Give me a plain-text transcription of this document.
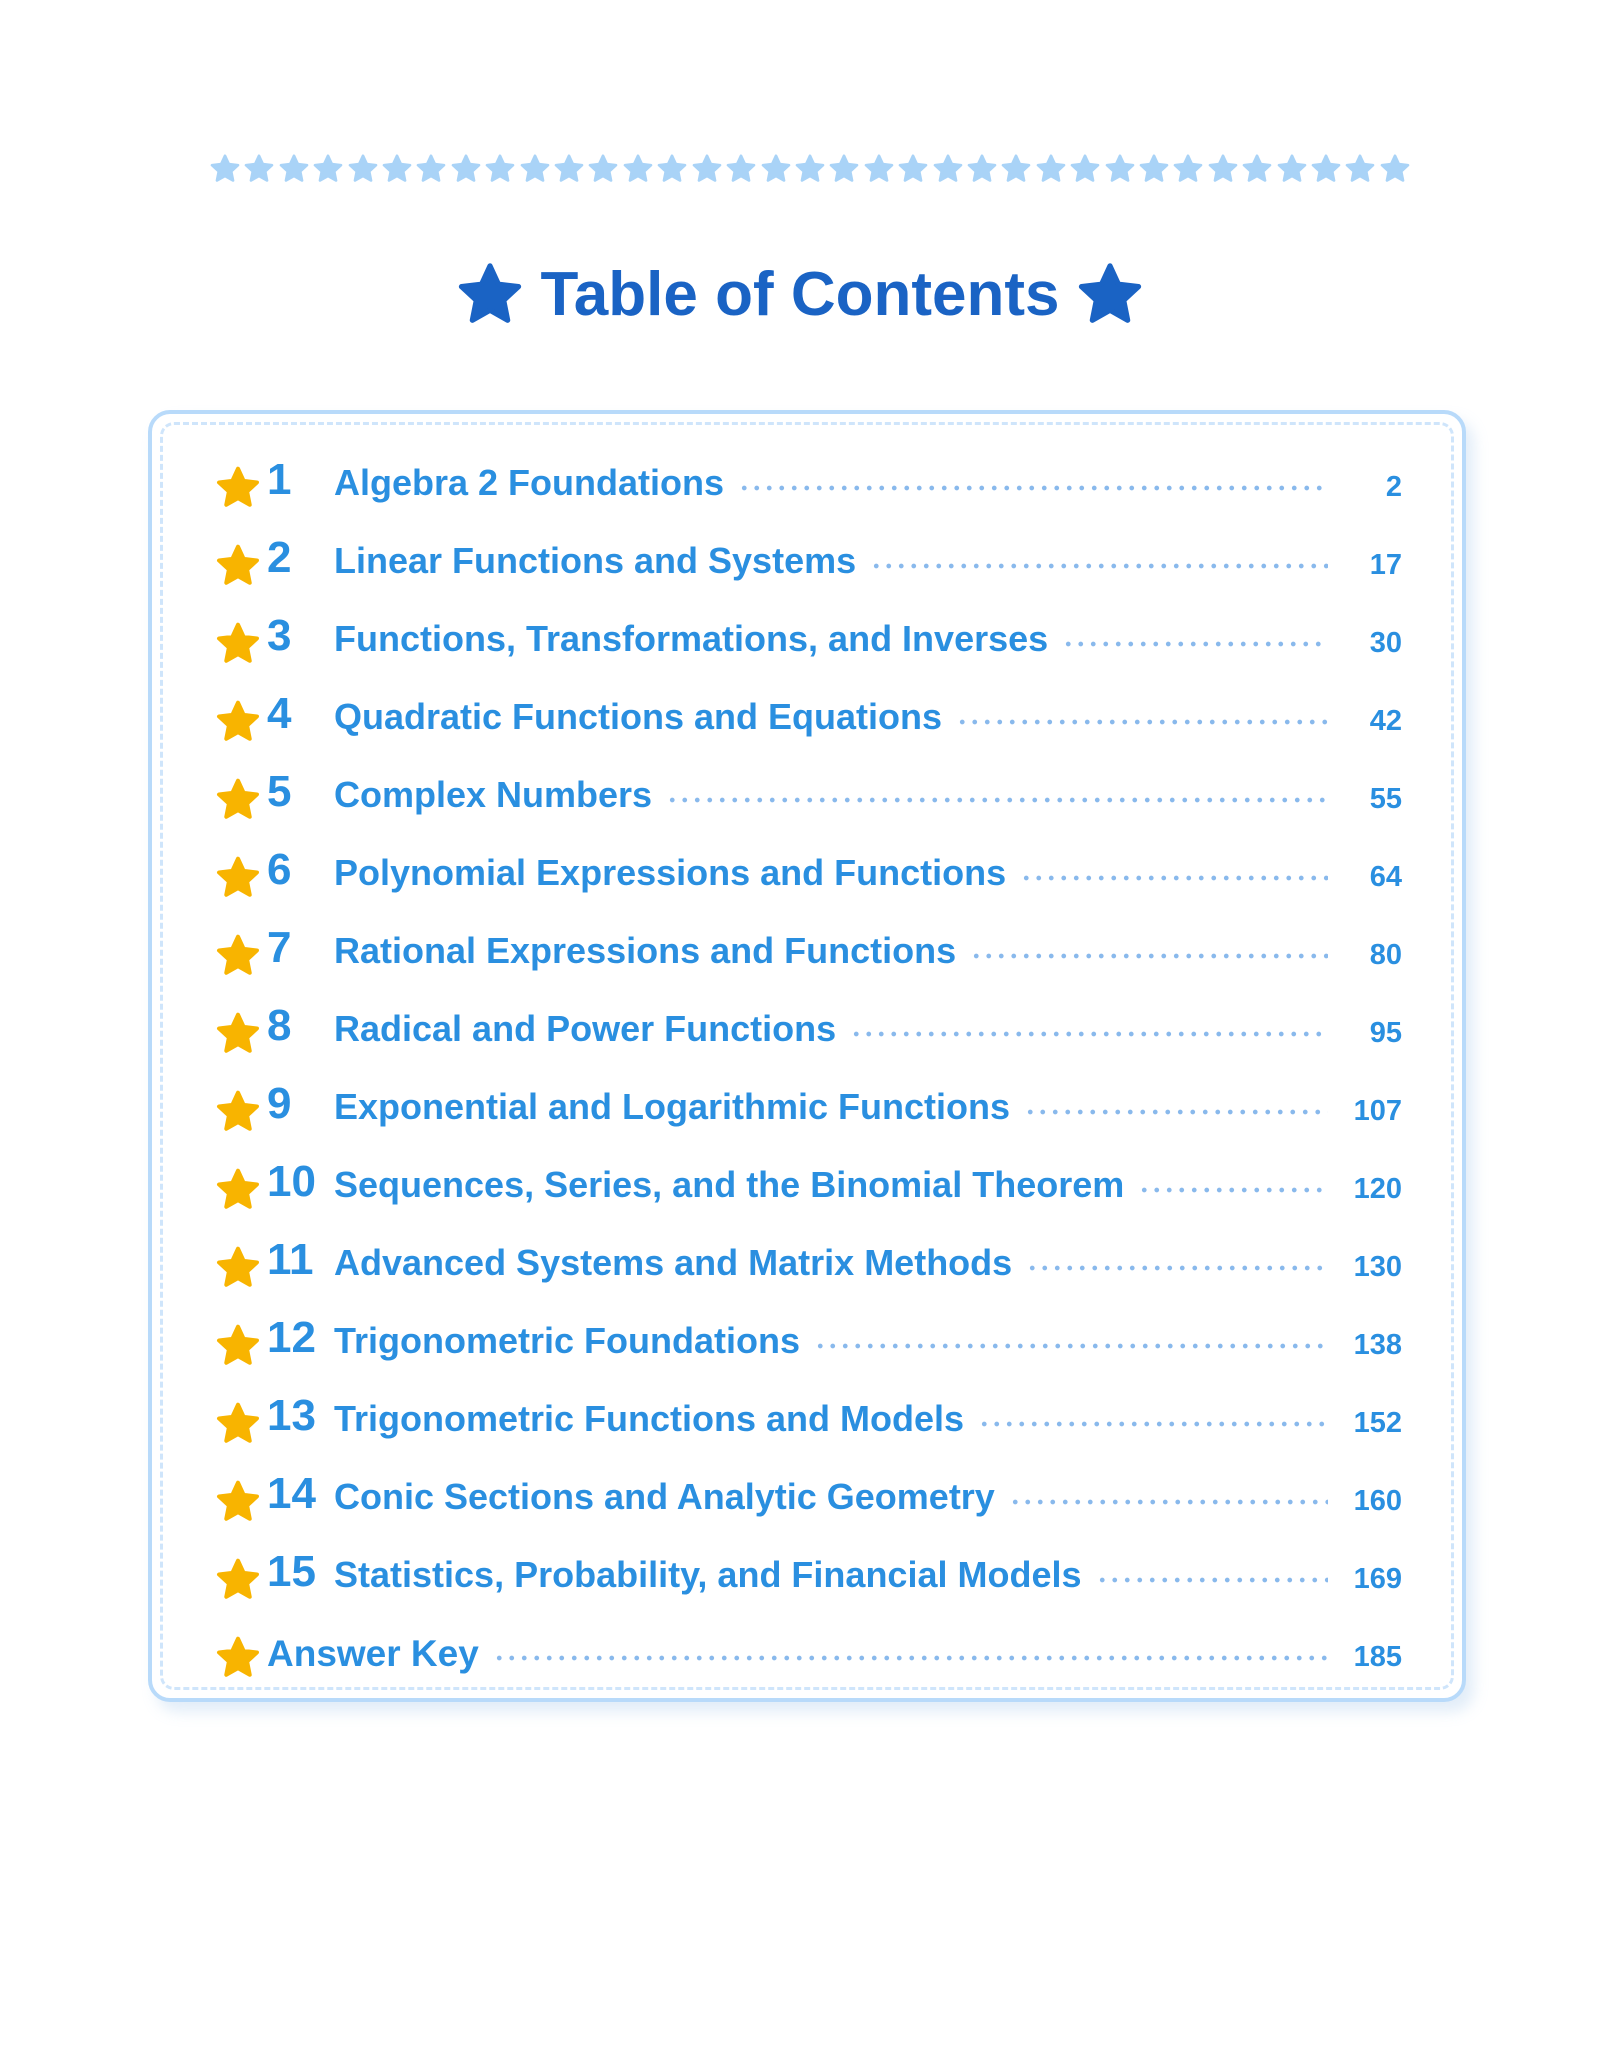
Table of Contents
1	Algebra 2 Foundations	2
2	Linear Functions and Systems	17
3	Functions, Transformations, and Inverses	30
4	Quadratic Functions and Equations	42
5	Complex Numbers	55
6	Polynomial Expressions and Functions	64
7	Rational Expressions and Functions	80
8	Radical and Power Functions	95
9	Exponential and Logarithmic Functions	107
10 Sequences, Series, and the Binomial Theorem	120
11 Advanced Systems and Matrix Methods	130
12 Trigonometric Foundations	138
13 Trigonometric Functions and Models	152
14 Conic Sections and Analytic Geometry	160
15 Statistics, Probability, and Financial Models	169
Answer Key	185
